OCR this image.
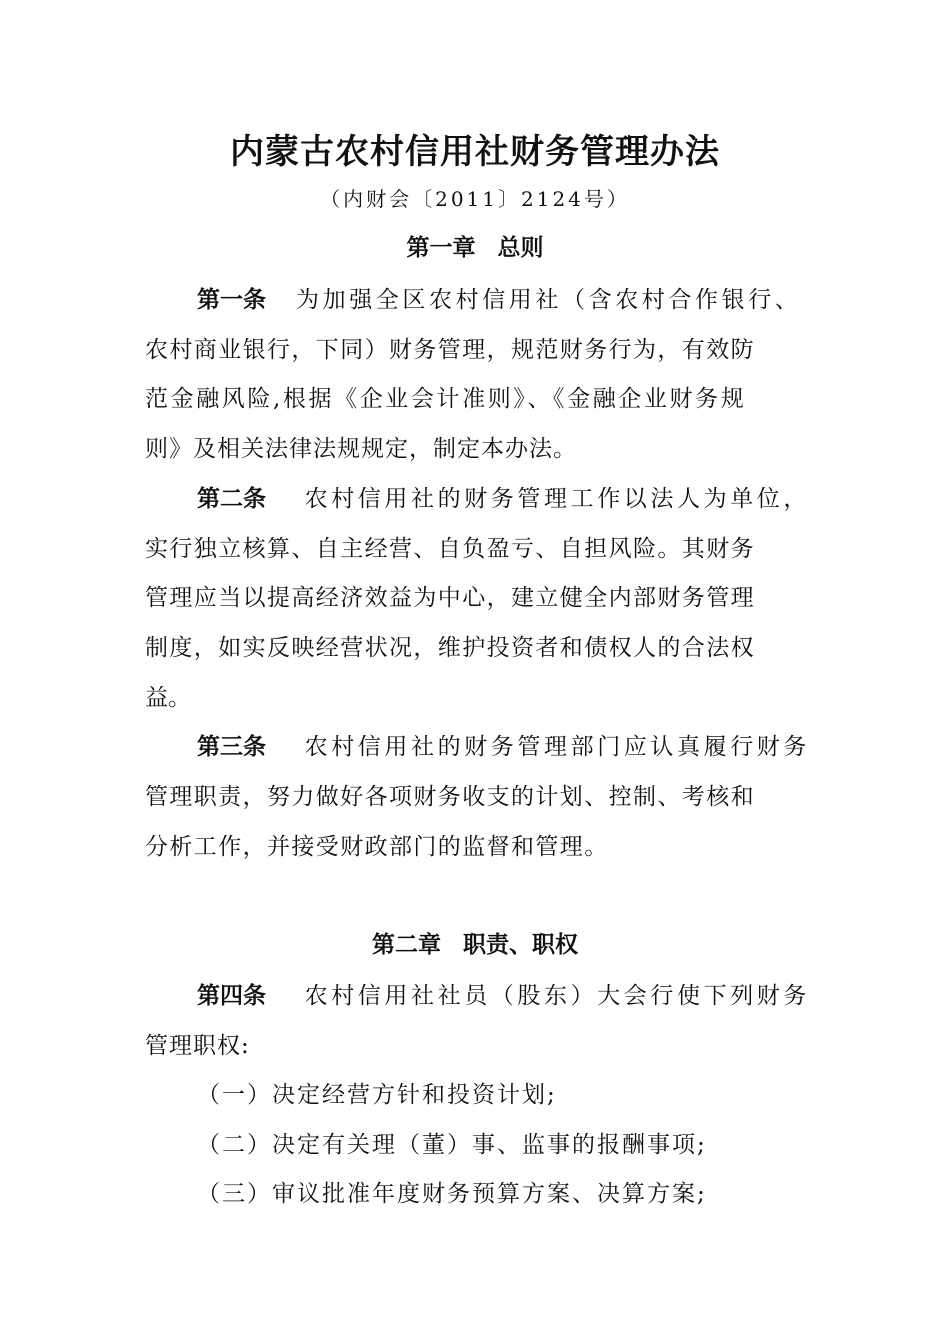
内蒙古农村信用社财务管理办法
（内财会〔2011〕2124号）
第一章 总则
第一条 为加强全区农村信用社（含农村合作银行、
农村商业银行，下同）财务管理，规范财务行为，有效防
范金融风险,根据《企业会计准则》、《金融企业财务规
则》及相关法律法规规定，制定本办法。
第二条 农村信用社的财务管理工作以法人为单位，
实行独立核算、自主经营、自负盈亏、自担风险。其财务
管理应当以提高经济效益为中心，建立健全内部财务管理
制度，如实反映经营状况，维护投资者和债权人的合法权
益。
第三条 农村信用社的财务管理部门应认真履行财务
管理职责，努力做好各项财务收支的计划、控制、考核和
分析工作，并接受财政部门的监督和管理。
第二章 职责、职权
第四条 农村信用社社员（股东）大会行使下列财务
管理职权:
（一）决定经营方针和投资计划;
（二）决定有关理（董）事、监事的报酬事项;
（三）审议批准年度财务预算方案、决算方案;
